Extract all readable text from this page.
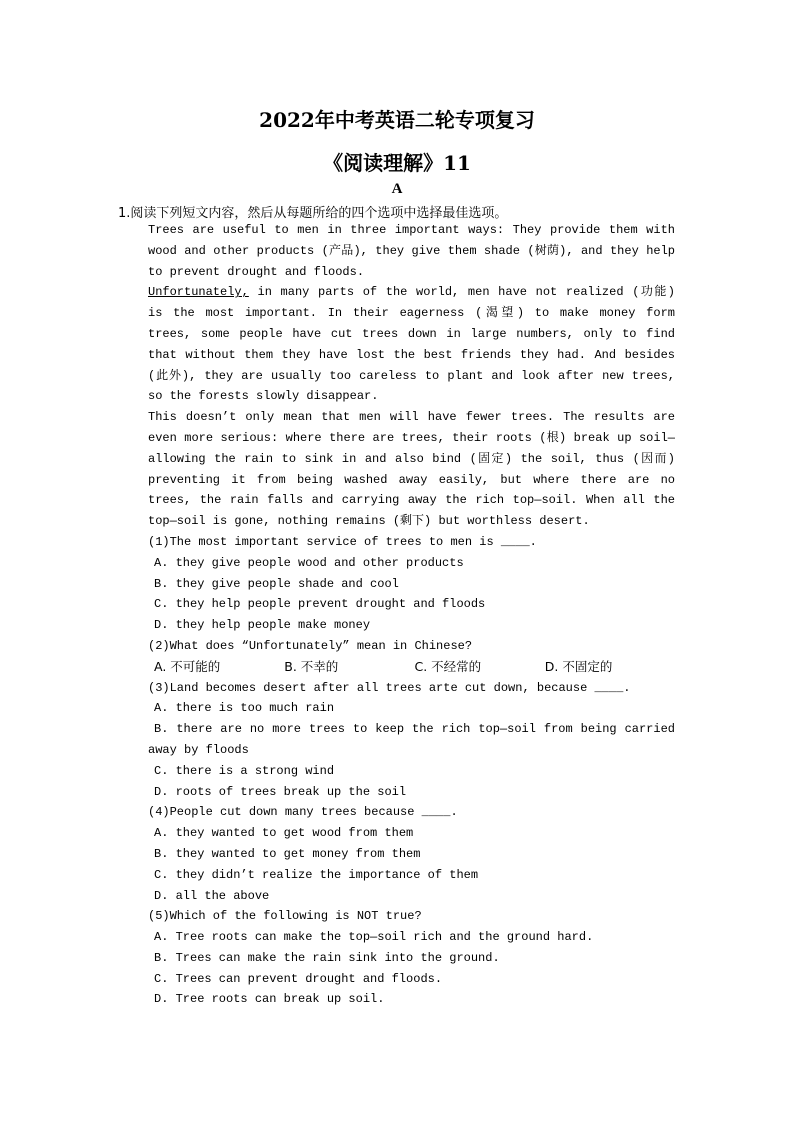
2022年中考英语二轮专项复习
《阅读理解》11
A
1.阅读下列短文内容，然后从每题所给的四个选项中选择最佳选项。

Trees are useful to men in three important ways: They provide them with wood and other products (产品), they give them shade (树荫), and they help to prevent drought and floods.

Unfortunately, in many parts of the world, men have not realized (功能) is the most important. In their eagerness (渴望) to make money form trees, some people have cut trees down in large numbers, only to find that without them they have lost the best friends they had. And besides (此外), they are usually too careless to plant and look after new trees, so the forests slowly disappear.

This doesn’t only mean that men will have fewer trees. The results are even more serious: where there are trees, their roots (根) break up soil—allowing the rain to sink in and also bind (固定) the soil, thus (因而) preventing it from being washed away easily, but where there are no trees, the rain falls and carrying away the rich top—soil. When all the top—soil is gone, nothing remains (剩下) but worthless desert.

(1)The most important service of trees to men is ____.

A. they give people wood and other products

B. they give people shade and cool

C. they help people prevent drought and floods

D. they help people make money

(2)What does “Unfortunately” mean in Chinese?

A. 不可能的	B. 不幸的	C. 不经常的	D. 不固定的

(3)Land becomes desert after all trees arte cut down, because ____.

A. there is too much rain

B. there are no more trees to keep the rich top—soil from being carried away by floods

C. there is a strong wind

D. roots of trees break up the soil

(4)People cut down many trees because ____.

A. they wanted to get wood from them

B. they wanted to get money from them

C. they didn’t realize the importance of them

D. all the above

(5)Which of the following is NOT true?

A. Tree roots can make the top—soil rich and the ground hard.

B. Trees can make the rain sink into the ground.

C. Trees can prevent drought and floods.

D. Tree roots can break up soil.
